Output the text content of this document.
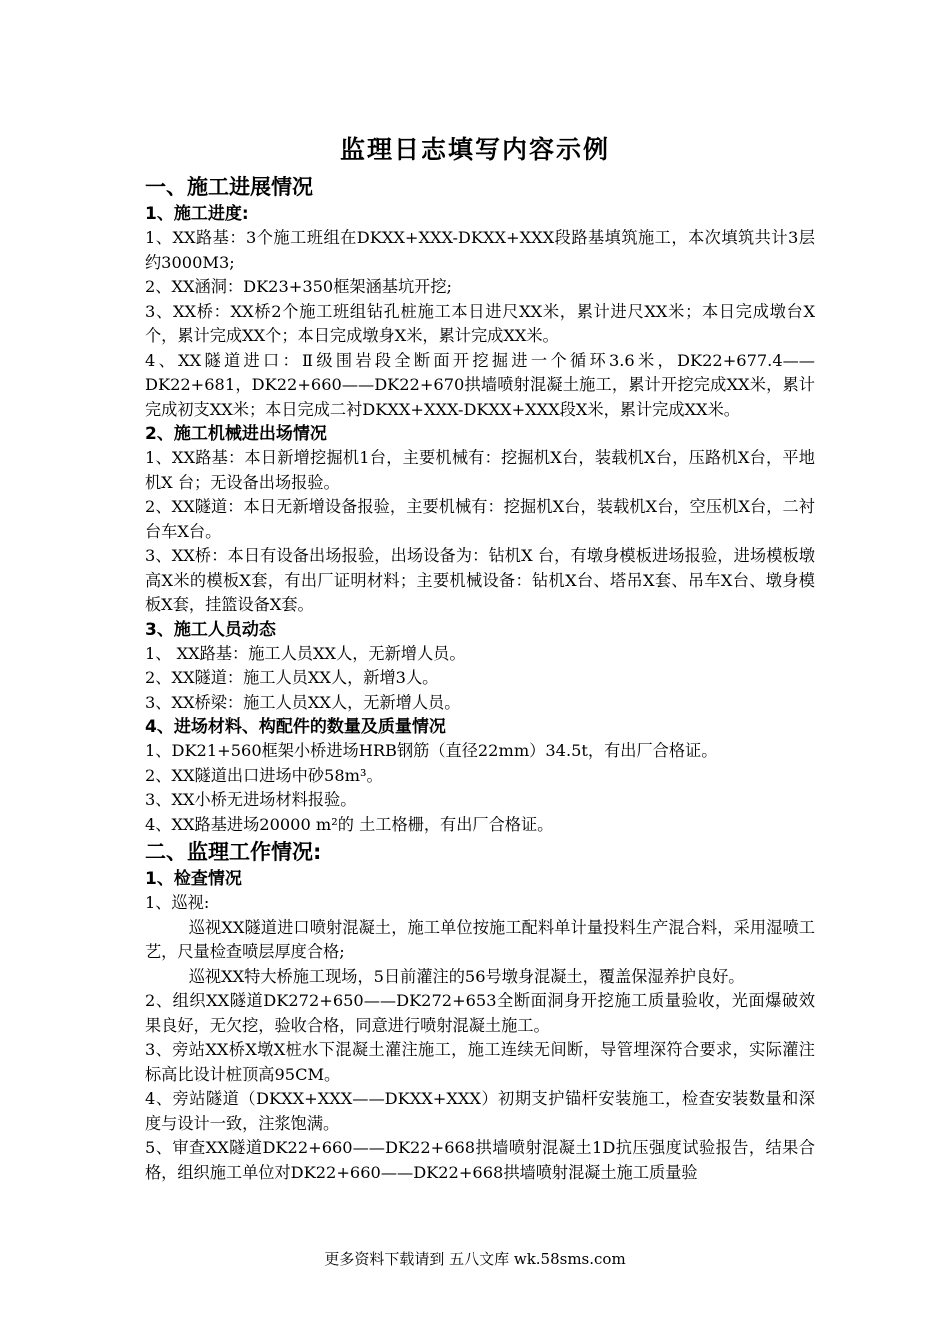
监理日志填写内容示例
一、施工进展情况
1、施工进度:

1、XX路基：3个施工班组在DKXX+XXX-DKXX+XXX段路基填筑施工，本次填筑共计3层约3000M3;

2、XX涵洞：DK23+350框架涵基坑开挖;

3、XX桥：XX桥2个施工班组钻孔桩施工本日进尺XX米，累计进尺XX米；本日完成墩台X个，累计完成XX个；本日完成墩身X米，累计完成XX米。

4、XX隧道进口：Ⅱ级围岩段全断面开挖掘进一个循环3.6米，DK22+677.4——DK22+681，DK22+660——DK22+670拱墙喷射混凝土施工，累计开挖完成XX米，累计完成初支XX米；本日完成二衬DKXX+XXX-DKXX+XXX段X米，累计完成XX米。

2、施工机械进出场情况

1、XX路基：本日新增挖掘机1台，主要机械有：挖掘机X台，装载机X台，压路机X台，平地机X 台；无设备出场报验。

2、XX隧道：本日无新增设备报验，主要机械有：挖掘机X台，装载机X台，空压机X台，二衬台车X台。

3、XX桥：本日有设备出场报验，出场设备为：钻机X 台，有墩身模板进场报验，进场模板墩高X米的模板X套，有出厂证明材料；主要机械设备：钻机X台、塔吊X套、吊车X台、墩身模板X套，挂篮设备X套。

3、施工人员动态

1、 XX路基：施工人员XX人，无新增人员。

2、XX隧道：施工人员XX人，新增3人。

3、XX桥梁：施工人员XX人，无新增人员。

4、进场材料、构配件的数量及质量情况

1、DK21+560框架小桥进场HRB钢筋（直径22mm）34.5t，有出厂合格证。

2、XX隧道出口进场中砂58m³。

3、XX小桥无进场材料报验。

4、XX路基进场20000 m²的 土工格栅，有出厂合格证。

二、监理工作情况:
1、检查情况

1、巡视:

巡视XX隧道进口喷射混凝土，施工单位按施工配料单计量投料生产混合料，采用湿喷工艺，尺量检查喷层厚度合格;

巡视XX特大桥施工现场，5日前灌注的56号墩身混凝土，覆盖保湿养护良好。

2、组织XX隧道DK272+650——DK272+653全断面洞身开挖施工质量验收，光面爆破效果良好，无欠挖，验收合格，同意进行喷射混凝土施工。

3、旁站XX桥X墩X桩水下混凝土灌注施工，施工连续无间断，导管埋深符合要求，实际灌注标高比设计桩顶高95CM。

4、旁站隧道（DKXX+XXX——DKXX+XXX）初期支护锚杆安装施工，检查安装数量和深度与设计一致，注浆饱满。

5、审查XX隧道DK22+660——DK22+668拱墙喷射混凝土1D抗压强度试验报告，结果合格，组织施工单位对DK22+660——DK22+668拱墙喷射混凝土施工质量验

更多资料下载请到 五八文库 wk.58sms.com
